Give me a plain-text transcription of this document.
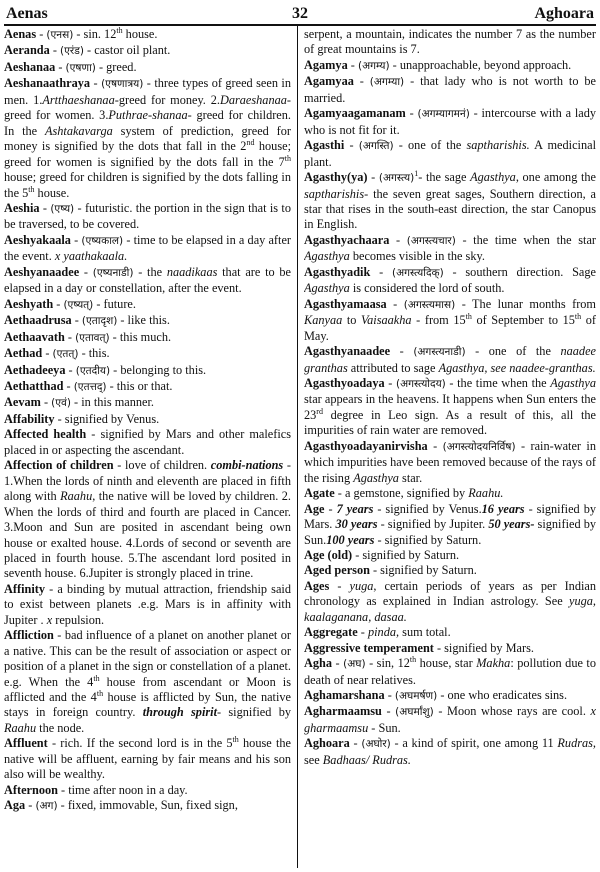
Aenas	32	Aghoara

Aenas - (एनस) - sin. 12th house.

Aeranda - (एरंड) - castor oil plant.

Aeshanaa - (एषणा) - greed.

Aeshanaathraya - (एषणात्रय) - three types of greed seen in men. 1.Artthaeshanaa-greed for money. 2.Daraeshanaa-greed for women. 3.Puthrae-shanaa- greed for children. In the Ashtakavarga system of prediction, greed for money is signified by the dots that fall in the 2nd house; greed for women is signified by the dots fall in the 7th house; greed for children is signified by the dots falling in the 5th house.

Aeshia - (एष्य) - futuristic. the portion in the sign that is to be traversed, to be covered.

Aeshyakaala - (एष्यकाल) - time to be elapsed in a day after the event. x yaathakaala.

Aeshyanaadee - (एष्यनाडी) - the naadikaas that are to be elapsed in a day or constellation, after the event.

Aeshyath - (एष्यत्) - future.

Aethaadrusa - (एतादृश) - like this.

Aethaavath - (एतावत्) - this much.

Aethad - (एतत्) - this.

Aethadeeya - (एतदीय) - belonging to this.

Aethatthad - (एतत्तद्) - this or that.

Aevam - (एवं) - in this manner.

Affability - signified by Venus.

Affected health - signified by Mars and other malefics placed in or aspecting the ascendant.

Affection of children - love of children. combi-nations - 1.When the lords of ninth and eleventh are placed in fifth along with Raahu, the native will be loved by children. 2. When the lords of third and fourth are placed in Cancer. 3.Moon and Sun are posited in ascendant being own house or exalted house. 4.Lords of second or seventh are placed in fourth house. 5.The ascendant lord posited in seventh house. 6.Jupiter is strongly placed in trine.

Affinity - a binding by mutual attraction, friendship said to exist between planets .e.g. Mars is in affinity with Jupiter . x repulsion.

Affliction - bad influence of a planet on another planet or a native. This can be the result of association or aspect or position of a planet in the sign or constellation of a planet. e.g. When the 4th house from ascendant or Moon is afflicted and the 4th house is afflicted by Sun, the native stays in foreign country. through spirit- signified by Raahu the node.

Affluent - rich. If the second lord is in the 5th house the native will be affluent, earning by fair means and his son also will be wealthy.

Afternoon - time after noon in a day.

Aga - (अग) - fixed, immovable, Sun, fixed sign,

serpent, a mountain, indicates the number 7 as the number of great mountains is 7.

Agamya - (अगम्य) - unapproachable, beyond approach.

Agamyaa - (अगम्या) - that lady who is not worth to be married.

Agamyaagamanam - (अगम्यागमनं) - intercourse with a lady who is not fit for it.

Agasthi - (अगस्ति) - one of the saptharishis. A medicinal plant.

Agasthy(ya) - (अगस्त्य)$^1$- the sage Agasthya, one among the saptharishis- the seven great sages, Southern direction, a star that rises in the south-east direction, the star Canopus in English.

Agasthyachaara - (अगस्त्यचार) - the time when the star Agasthya becomes visible in the sky.

Agasthyadik - (अगस्त्यदिक्) - southern direction. Sage Agasthya is considered the lord of south.

Agasthyamaasa - (अगस्त्यमास) - The lunar months from Kanyaa to Vaisaakha - from 15th of September to 15th of May.

Agasthyanaadee - (अगस्त्यनाडी) - one of the naadee granthas attributed to sage Agasthya, see naadee-granthas.

Agasthyoadaya - (अगस्त्योदय) - the time when the Agasthya star appears in the heavens. It happens when Sun enters the 23rd degree in Leo sign. As a result of this, all the impurities of rain water are removed.

Agasthyoadayanirvisha - (अगस्त्योदयनिर्विष) - rain-water in which impurities have been removed because of the rays of the rising Agasthya star.

Agate - a gemstone, signified by Raahu.

Age - 7 years - signified by Venus.16 years - signified by Mars. 30 years - signified by Jupiter. 50 years- signified by Sun.100 years - signified by Saturn.

Age (old) - signified by Saturn.

Aged person - signified by Saturn.

Ages - yuga, certain periods of years as per Indian chronology as explained in Indian astrology. See yuga, kaalaganana, dasaa.

Aggregate - pinda, sum total.

Aggressive temperament - signified by Mars.

Agha - (अघ) - sin, 12th house, star Makha: pollution due to death of near relatives.

Aghamarshana - (अघमर्षण) - one who eradicates sins.

Agharmaamsu - (अघर्मांशु) - Moon whose rays are cool. x gharmaamsu - Sun.

Aghoara - (अघोर) - a kind of spirit, one among 11 Rudras, see Badhaas/ Rudras.
